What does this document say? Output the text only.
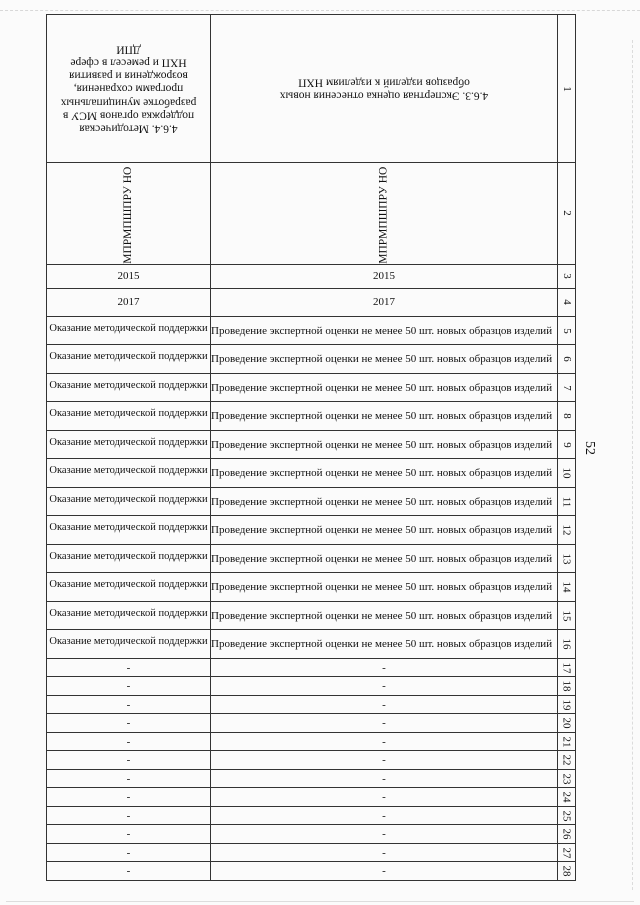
52
4.6.4. Методическая поддержка органов МСУ в разработке муниципальных программ сохранения, возрождения и развития НХП и ремесел в сфере ДПИ	4.6.3. Экспертная оценка отнесения новых образцов изделий к изделиям НХП	1

МПРМПШПРУ НО	МПРМПШПРУ НО	2
2015	2015	3
2017	2017	4

Оказание методической поддержки	Проведение экспертной оценки не менее 50 шт. новых образцов изделий	5

Оказание методической поддержки	Проведение экспертной оценки не менее 50 шт. новых образцов изделий	6

Оказание методической поддержки	Проведение экспертной оценки не менее 50 шт. новых образцов изделий	7

Оказание методической поддержки	Проведение экспертной оценки не менее 50 шт. новых образцов изделий	8

Оказание методической поддержки	Проведение экспертной оценки не менее 50 шт. новых образцов изделий	9

Оказание методической поддержки	Проведение экспертной оценки не менее 50 шт. новых образцов изделий	10

Оказание методической поддержки	Проведение экспертной оценки не менее 50 шт. новых образцов изделий	11

Оказание методической поддержки	Проведение экспертной оценки не менее 50 шт. новых образцов изделий	12

Оказание методической поддержки	Проведение экспертной оценки не менее 50 шт. новых образцов изделий	13

Оказание методической поддержки	Проведение экспертной оценки не менее 50 шт. новых образцов изделий	14

Оказание методической поддержки	Проведение экспертной оценки не менее 50 шт. новых образцов изделий	15

Оказание методической поддержки	Проведение экспертной оценки не менее 50 шт. новых образцов изделий	16
-	-	17
-	-	18
-	-	19
-	-	20
-	-	21
-	-	22
-	-	23
-	-	24
-	-	25
-	-	26
-	-	27
-	-	28
